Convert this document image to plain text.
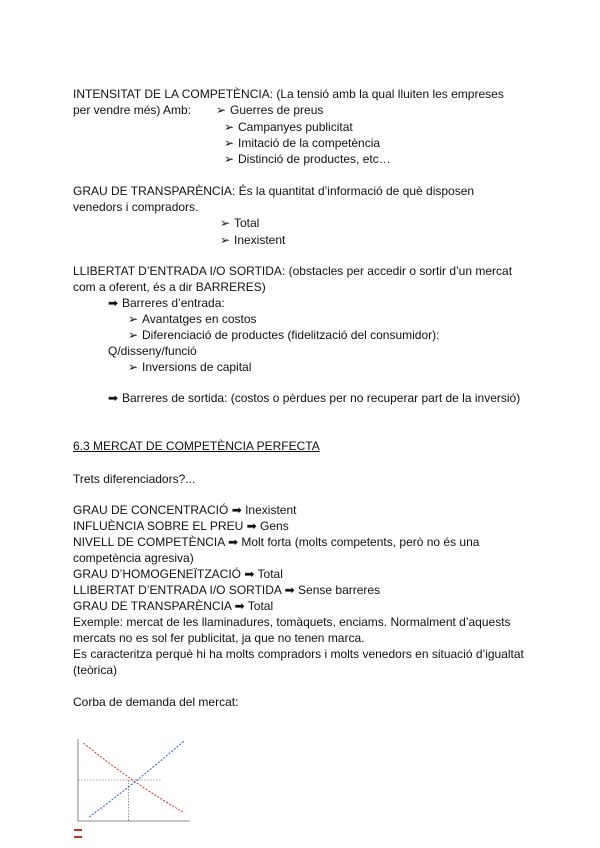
INTENSITAT DE LA COMPETÈNCIA: (La tensió amb la qual lluiten les empreses
per vendre més) Amb: ➢ Guerres de preus
➢ Campanyes publicitat
➢ Imitació de la competència
➢ Distinció de productes, etc…
GRAU DE TRANSPARÈNCIA: És la quantitat d’informació de què disposen
venedors i compradors.
➢ Total
➢ Inexistent
LLIBERTAT D’ENTRADA I/O SORTIDA: (obstacles per accedir o sortir d’un mercat
com a oferent, és a dir BARRERES)
➡ Barreres d’entrada:
➢ Avantatges en costos
➢ Diferenciació de productes (fidelització del consumidor):
Q/disseny/funció
➢ Inversions de capital
➡ Barreres de sortida: (costos o pèrdues per no recuperar part de la inversió)
6.3 MERCAT DE COMPETÈNCIA PERFECTA
Trets diferenciadors?...
GRAU DE CONCENTRACIÓ ➡ Inexistent
INFLUÈNCIA SOBRE EL PREU ➡ Gens
NIVELL DE COMPETÈNCIA ➡ Molt forta (molts competents, però no és una
competència agresiva)
GRAU D’HOMOGENEÏTZACIÓ ➡ Total
LLIBERTAT D’ENTRADA I/O SORTIDA ➡ Sense barreres
GRAU DE TRANSPARÈNCIA ➡ Total
Exemple: mercat de les llaminadures, tomàquets, enciams. Normalment d’aquests
mercats no es sol fer publicitat, ja que no tenen marca.
Es caracteritza perquè hi ha molts compradors i molts venedors en situació d’igualtat
(teòrica)
Corba de demanda del mercat:
